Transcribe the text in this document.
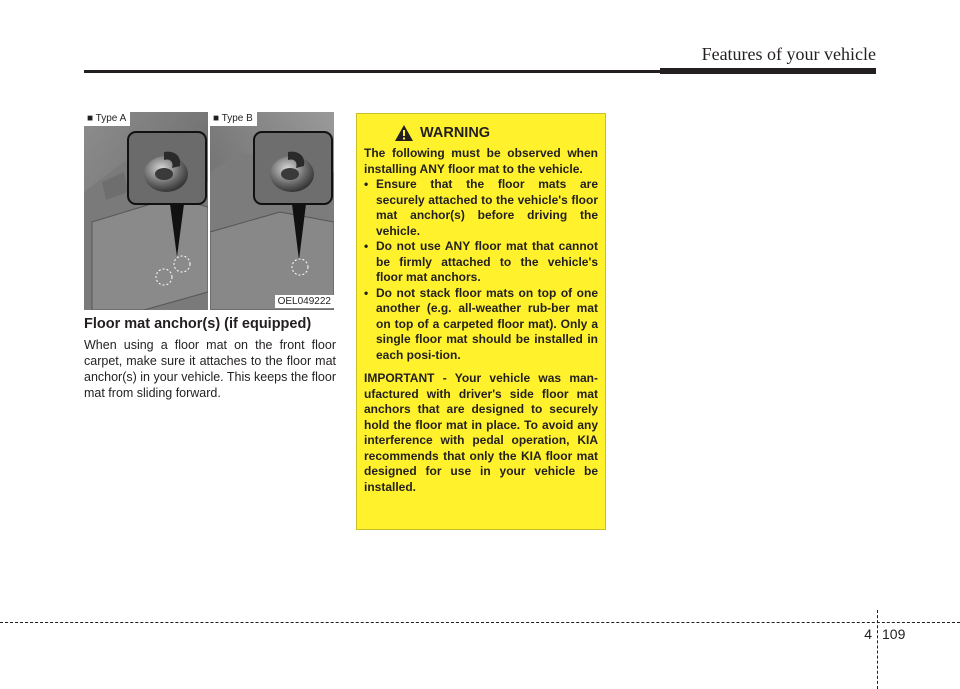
Features of your vehicle
■ Type A	■ Type B
OEL049222
Floor mat anchor(s) (if equipped)
When using a floor mat on the front floor carpet, make sure it attaches to the floor mat anchor(s) in your vehicle. This keeps the floor mat from sliding forward.
WARNING
The following must be observed when installing ANY floor mat to the vehicle.
• Ensure that the floor mats are securely attached to the vehicle's floor mat anchor(s) before driving the vehicle.
• Do not use ANY floor mat that cannot be firmly attached to the vehicle's floor mat anchors.
• Do not stack floor mats on top of one another (e.g. all-weather rub-ber mat on top of a carpeted floor mat). Only a single floor mat should be installed in each posi-tion.
IMPORTANT - Your vehicle was man-ufactured with driver's side floor mat anchors that are designed to securely hold the floor mat in place. To avoid any interference with pedal operation, KIA recommends that only the KIA floor mat designed for use in your vehicle be installed.
4 109
